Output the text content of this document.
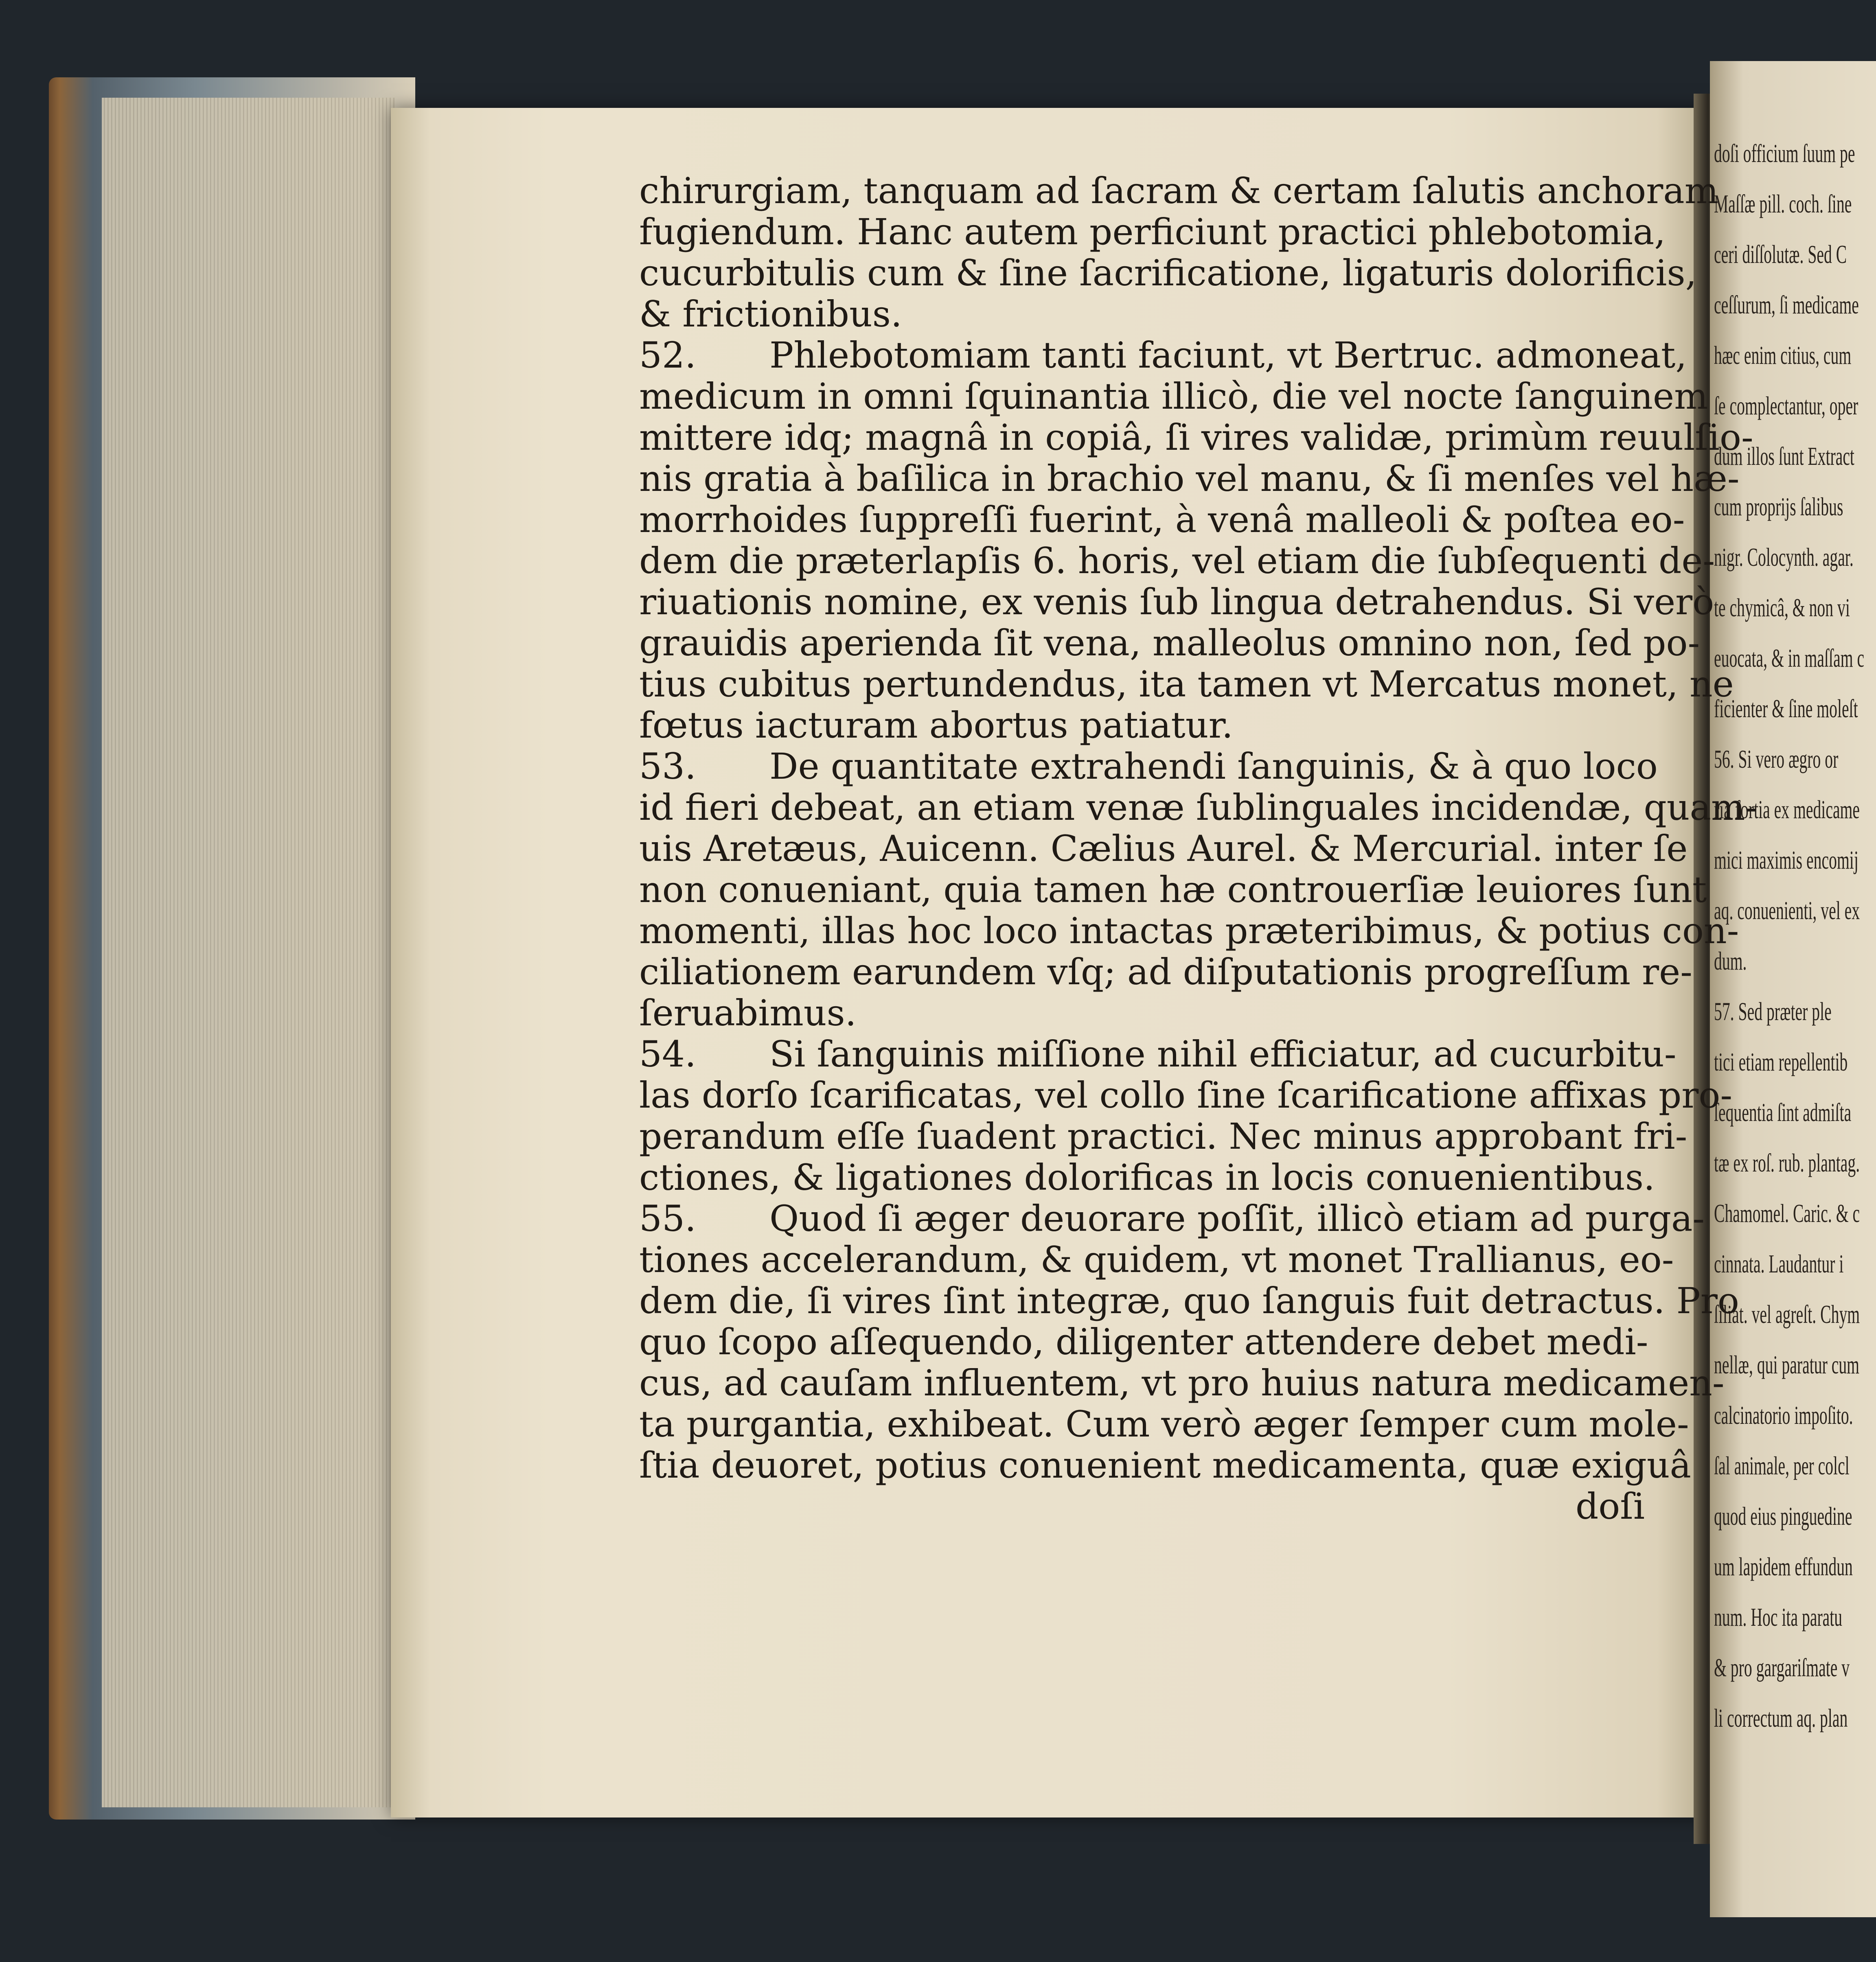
doſi officium ſuum pe
Maſſæ pill. coch. ſine
ceri diſſolutæ. Sed C
ceſſurum, ſi medicame
hæc enim citius, cum
ſe complectantur, oper
dum illos ſunt Extract
cum proprijs ſalibus
nigr. Colocynth. agar.
te chymicâ, & non vi
euocata, & in maſſam c
ficienter & ſine moleſt
56. Si vero ægro or
ria fortia ex medicame
mici maximis encomij
aq. conuenienti, vel ex
dum.
57. Sed præter ple
tici etiam repellentib
ſequentia ſint admiſta
tæ ex roſ. rub. plantag.
Chamomel. Caric. & c
cinnata. Laudantur i
ſiliat. vel agreſt. Chym
nellæ, qui paratur cum
calcinatorio impoſito.
ſal animale, per colcl
quod eius pinguedine
um lapidem effundun
num. Hoc ita paratu
& pro gargariſmate v
li correctum aq. plan
chirurgiam, tanquam ad ſacram & certam ſalutis anchoram
fugiendum. Hanc autem perficiunt practici phlebotomia,
cucurbitulis cum & ſine ſacrificatione, ligaturis dolorificis,
& frictionibus.
52. Phlebotomiam tanti faciunt, vt Bertruc. admoneat,
medicum in omni ſquinantia illicò, die vel nocte ſanguinem
mittere idq; magnâ in copiâ, ſi vires validæ, primùm reuulſio-
nis gratia à baſilica in brachio vel manu, & ſi menſes vel hæ-
morrhoides ſuppreſſi fuerint, à venâ malleoli & poſtea eo-
dem die præterlapſis 6. horis, vel etiam die ſubſequenti de-
riuationis nomine, ex venis ſub lingua detrahendus. Si verò
grauidis aperienda ſit vena, malleolus omnino non, ſed po-
tius cubitus pertundendus, ita tamen vt Mercatus monet, ne
fœtus iacturam abortus patiatur.
53. De quantitate extrahendi ſanguinis, & à quo loco
id fieri debeat, an etiam venæ ſublinguales incidendæ, quam-
uis Aretæus, Auicenn. Cælius Aurel. & Mercurial. inter ſe
non conueniant, quia tamen hæ controuerſiæ leuiores ſunt
momenti, illas hoc loco intactas præteribimus, & potius con-
ciliationem earundem vſq; ad diſputationis progreſſum re-
ſeruabimus.
54. Si ſanguinis miſſione nihil efficiatur, ad cucurbitu-
las dorſo ſcarificatas, vel collo ſine ſcarificatione affixas pro-
perandum eſſe ſuadent practici. Nec minus approbant fri-
ctiones, & ligationes dolorificas in locis conuenientibus.
55. Quod ſi æger deuorare poſſit, illicò etiam ad purga-
tiones accelerandum, & quidem, vt monet Trallianus, eo-
dem die, ſi vires ſint integræ, quo ſanguis fuit detractus. Pro
quo ſcopo aſſequendo, diligenter attendere debet medi-
cus, ad cauſam influentem, vt pro huius natura medicamen-
ta purgantia, exhibeat. Cum verò æger ſemper cum mole-
ſtia deuoret, potius conuenient medicamenta, quæ exiguâ
doſi
